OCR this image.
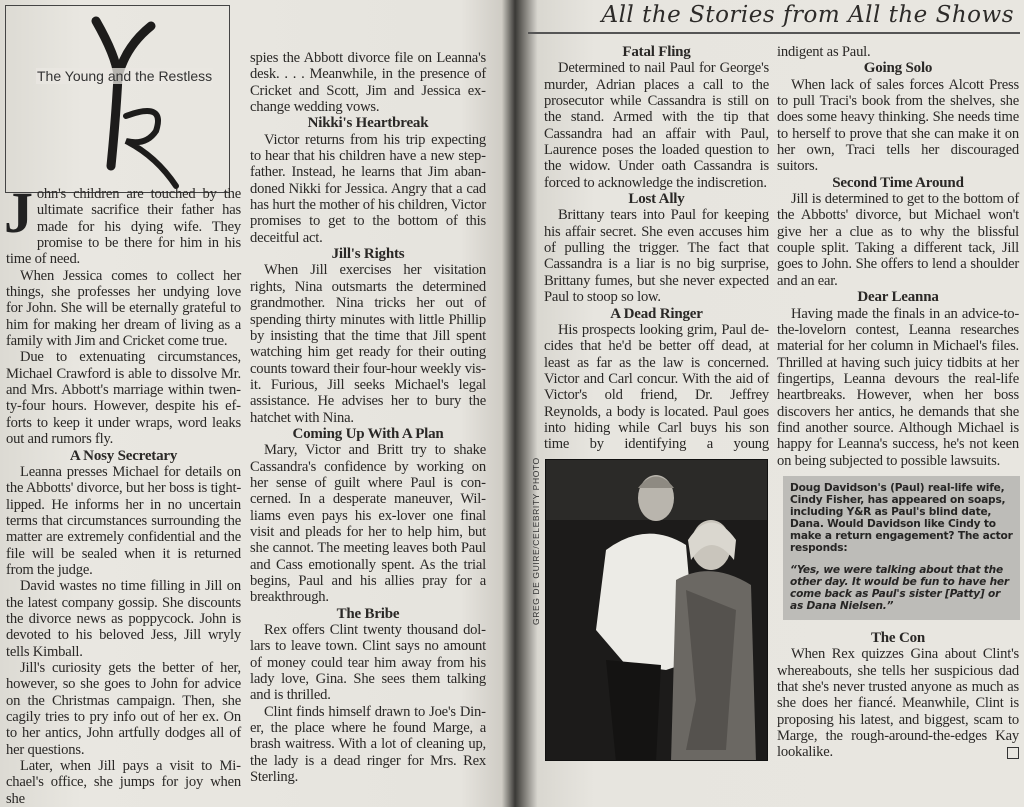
The Young and the Restless
All the Stories from All the Shows

John's children are touched by the ultimate sacrifice their father has made for his dying wife. They promise to be there for him in his time of need.

When Jessica comes to collect her things, she professes her undying love for John. She will be eternally grateful to him for making her dream of living as a family with Jim and Cricket come true.

Due to extenuating circumstances, Michael Crawford is able to dissolve Mr. and Mrs. Abbott's marriage within twenty-four hours. However, despite his efforts to keep it under wraps, word leaks out and rumors fly.

A Nosy Secretary

Leanna presses Michael for details on the Abbotts' divorce, but her boss is tight-lipped. He informs her in no uncertain terms that circumstances surrounding the matter are extremely confidential and the file will be sealed when it is returned from the judge.

David wastes no time filling in Jill on the latest company gossip. She discounts the divorce news as poppycock. John is devoted to his beloved Jess, Jill wryly tells Kimball.

Jill's curiosity gets the better of her, however, so she goes to John for advice on the Christmas campaign. Then, she cagily tries to pry info out of her ex. On to her antics, John artfully dodges all of her questions.

Later, when Jill pays a visit to Michael's office, she jumps for joy when she

spies the Abbott divorce file on Leanna's desk. . . . Meanwhile, in the presence of Cricket and Scott, Jim and Jessica exchange wedding vows.

Nikki's Heartbreak

Victor returns from his trip expecting to hear that his children have a new stepfather. Instead, he learns that Jim abandoned Nikki for Jessica. Angry that a cad has hurt the mother of his children, Victor promises to get to the bottom of this deceitful act.

Jill's Rights

When Jill exercises her visitation rights, Nina outsmarts the determined grandmother. Nina tricks her out of spending thirty minutes with little Phillip by insisting that the time that Jill spent watching him get ready for their outing counts toward their four-hour weekly visit. Furious, Jill seeks Michael's legal assistance. He advises her to bury the hatchet with Nina.

Coming Up With A Plan

Mary, Victor and Britt try to shake Cassandra's confidence by working on her sense of guilt where Paul is concerned. In a desperate maneuver, Williams even pays his ex-lover one final visit and pleads for her to help him, but she cannot. The meeting leaves both Paul and Cass emotionally spent. As the trial begins, Paul and his allies pray for a breakthrough.

The Bribe

Rex offers Clint twenty thousand dollars to leave town. Clint says no amount of money could tear him away from his lady love, Gina. She sees them talking and is thrilled.

Clint finds himself drawn to Joe's Diner, the place where he found Marge, a brash waitress. With a lot of cleaning up, the lady is a dead ringer for Mrs. Rex Sterling.

Fatal Fling

Determined to nail Paul for George's murder, Adrian places a call to the prosecutor while Cassandra is still on the stand. Armed with the tip that Cassandra had an affair with Paul, Laurence poses the loaded question to the widow. Under oath Cassandra is forced to acknowledge the indiscretion.

Lost Ally

Brittany tears into Paul for keeping his affair secret. She even accuses him of pulling the trigger. The fact that Cassandra is a liar is no big surprise, Brittany fumes, but she never expected Paul to stoop so low.

A Dead Ringer

His prospects looking grim, Paul decides that he'd be better off dead, at least as far as the law is concerned. Victor and Carl concur. With the aid of Victor's old friend, Dr. Jeffrey Reynolds, a body is located. Paul goes into hiding while Carl buys his son time by identifying a young

GREG DE GUIRE/CELEBRITY PHOTO

indigent as Paul.

Going Solo

When lack of sales forces Alcott Press to pull Traci's book from the shelves, she does some heavy thinking. She needs time to herself to prove that she can make it on her own, Traci tells her discouraged suitors.

Second Time Around

Jill is determined to get to the bottom of the Abbotts' divorce, but Michael won't give her a clue as to why the blissful couple split. Taking a different tack, Jill goes to John. She offers to lend a shoulder and an ear.

Dear Leanna

Having made the finals in an advice-to-the-lovelorn contest, Leanna researches material for her column in Michael's files. Thrilled at having such juicy tidbits at her fingertips, Leanna devours the real-life heartbreaks. However, when her boss discovers her antics, he demands that she find another source. Although Michael is happy for Leanna's success, he's not keen on being subjected to possible lawsuits.

Doug Davidson's (Paul) real-life wife, Cindy Fisher, has appeared on soaps, including Y&R as Paul's blind date, Dana. Would Davidson like Cindy to make a return engagement? The actor responds:

“Yes, we were talking about that the other day. It would be fun to have her come back as Paul's sister [Patty] or as Dana Nielsen.”

The Con

When Rex quizzes Gina about Clint's whereabouts, she tells her suspicious dad that she's never trusted anyone as much as she does her fiancé. Meanwhile, Clint is proposing his latest, and biggest, scam to Marge, the rough-around-the-edges Kay lookalike.
